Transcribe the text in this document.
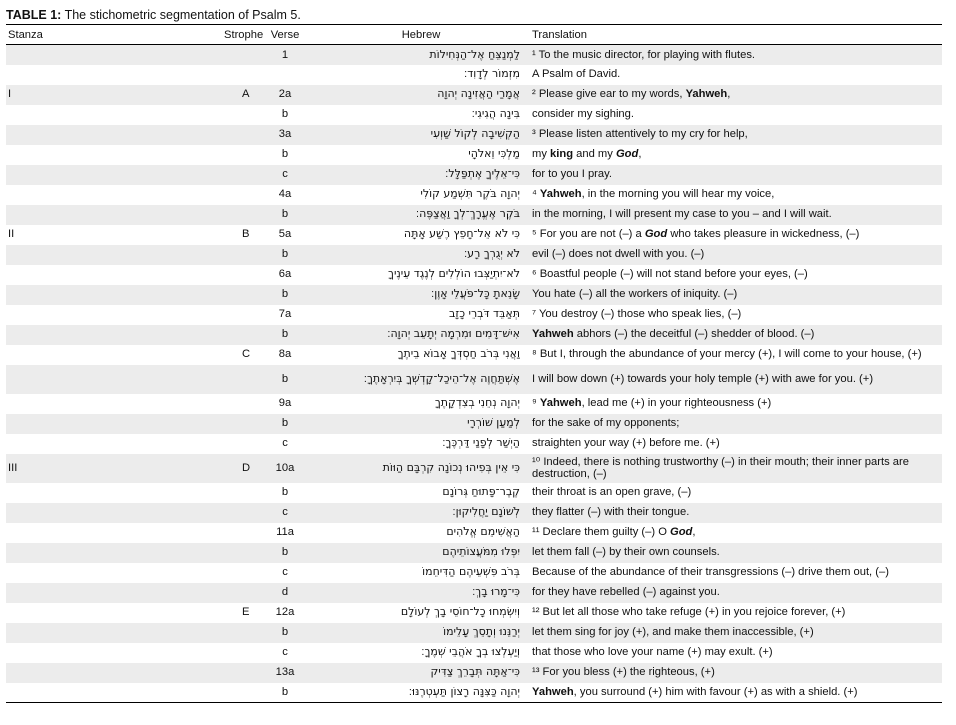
TABLE 1: The stichometric segmentation of Psalm 5.
Stanza	Strophe	Verse	Hebrew	Translation
		1	לַמְנַצֵּחַ אֶל־הַנְּחִילוֹת	¹ To the music director, for playing with flutes.
			מִזְמוֹר לְדָוִד׃	A Psalm of David.
I	A	2a	אֲמָרַי הַאֲזִינָה יְהוָה	² Please give ear to my words, Yahweh,
		b	בִּינָה הֲגִיגִי׃	consider my sighing.
		3a	הַקְשִׁיבָה לְקוֹל שַׁוְעִי	³ Please listen attentively to my cry for help,
		b	מַלְכִּי וֵאלֹהָי	my king and my God,
		c	כִּי־אֵלֶיךָ אֶתְפַּלָּל׃	for to you I pray.
		4a	יְהוָה בֹּקֶר תִּשְׁמַע קוֹלִי	⁴ Yahweh, in the morning you will hear my voice,
		b	בֹּקֶר אֶעֱרָךְ־לְךָ וַאֲצַפֶּה׃	in the morning, I will present my case to you – and I will wait.
II	B	5a	כִּי לֹא אֵל־חָפֵץ רֶשַׁע אָתָּה	⁵ For you are not (–) a God who takes pleasure in wickedness, (–)
		b	לֹא יְגֻרְךָ רָע׃	evil (–) does not dwell with you. (–)
		6a	לֹא־יִתְיַצְּבוּ הוֹלְלִים לְנֶגֶד עֵינֶיךָ	⁶ Boastful people (–) will not stand before your eyes, (–)
		b	שָׂנֵאתָ כָּל־פֹּעֲלֵי אָוֶן׃	You hate (–) all the workers of iniquity. (–)
		7a	תְּאַבֵּד דֹּבְרֵי כָזָב	⁷ You destroy (–) those who speak lies, (–)
		b	אִישׁ־דָּמִים וּמִרְמָה יְתָעֵב יְהוָה׃	Yahweh abhors (–) the deceitful (–) shedder of blood. (–)
	C	8a	וַאֲנִי בְּרֹב חַסְדְּךָ אָבוֹא בֵיתֶךָ	⁸ But I, through the abundance of your mercy (+), I will come to your house, (+)
		b	אֶשְׁתַּחֲוֶה אֶל־הֵיכַל־קָדְשְׁךָ בְּיִרְאָתֶךָ׃	I will bow down (+) towards your holy temple (+) with awe for you. (+)
		9a	יְהוָה נְחֵנִי בְצִדְקָתֶךָ	⁹ Yahweh, lead me (+) in your righteousness (+)
		b	לְמַעַן שׁוֹרְרָי	for the sake of my opponents;
		c	הַיְשַׁר לְפָנַי דַּרְכֶּךָ׃	straighten your way (+) before me. (+)
III	D	10a	כִּי אֵין בְּפִיהוּ נְכוֹנָה קִרְבָּם הַוּוֹת	¹⁰ Indeed, there is nothing trustworthy (–) in their mouth; their inner parts are destruction, (–)
		b	קֶבֶר־פָּתוּחַ גְּרוֹנָם	their throat is an open grave, (–)
		c	לְשׁוֹנָם יַחֲלִיקוּן׃	they flatter (–) with their tongue.
		11a	הַאֲשִׁימֵם אֱלֹהִים	¹¹ Declare them guilty (–) O God,
		b	יִפְּלוּ מִמֹּעֲצוֹתֵיהֶם	let them fall (–) by their own counsels.
		c	בְּרֹב פִּשְׁעֵיהֶם הַדִּיחֵמוֹ	Because of the abundance of their transgressions (–) drive them out, (–)
		d	כִּי־מָרוּ בָךְ׃	for they have rebelled (–) against you.
	E	12a	וְיִשְׂמְחוּ כָל־חוֹסֵי בָךְ לְעוֹלָם	¹² But let all those who take refuge (+) in you rejoice forever, (+)
		b	יְרַנֵּנוּ וְתָסֵךְ עָלֵימוֹ	let them sing for joy (+), and make them inaccessible, (+)
		c	וְיַעְלְצוּ בְךָ אֹהֲבֵי שְׁמֶךָ׃	that those who love your name (+) may exult. (+)
		13a	כִּי־אַתָּה תְּבָרֵךְ צַדִּיק	¹³ For you bless (+) the righteous, (+)
		b	יְהוָה כַּצִּנָּה רָצוֹן תַּעְטְרֶנּוּ׃	Yahweh, you surround (+) him with favour (+) as with a shield. (+)
